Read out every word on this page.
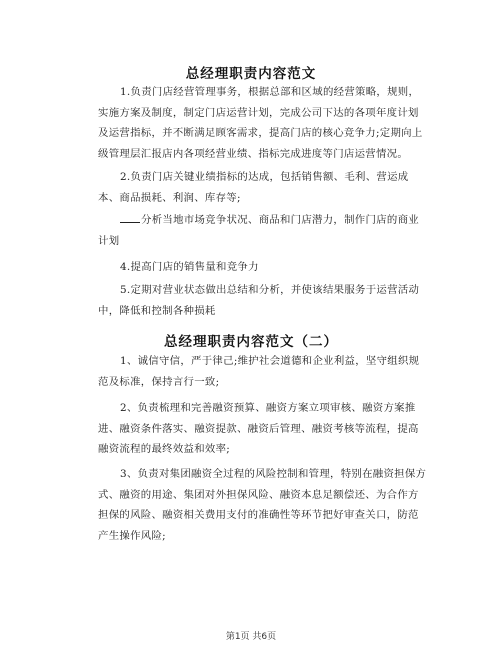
总经理职责内容范文
1.负责门店经营管理事务，根据总部和区域的经营策略，规则，
实施方案及制度，制定门店运营计划，完成公司下达的各项年度计划
及运营指标，并不断满足顾客需求，提高门店的核心竞争力;定期向上
级管理层汇报店内各项经营业绩、指标完成进度等门店运营情况。
2.负责门店关键业绩指标的达成，包括销售额、毛利、营运成
本、商品损耗、利润、库存等;
分析当地市场竞争状况、商品和门店潜力，制作门店的商业
计划
4.提高门店的销售量和竞争力
5.定期对营业状态做出总结和分析，并使该结果服务于运营活动
中，降低和控制各种损耗
总经理职责内容范文（二）
1、诚信守信，严于律己;维护社会道德和企业利益，坚守组织规
范及标准，保持言行一致;
2、负责梳理和完善融资预算、融资方案立项审核、融资方案推
进、融资条件落实、融资提款、融资后管理、融资考核等流程，提高
融资流程的最终效益和效率;
3、负责对集团融资全过程的风险控制和管理，特别在融资担保方
式、融资的用途、集团对外担保风险、融资本息足额偿还、为合作方
担保的风险、融资相关费用支付的准确性等环节把好审查关口，防范
产生操作风险;
第1页 共6页
